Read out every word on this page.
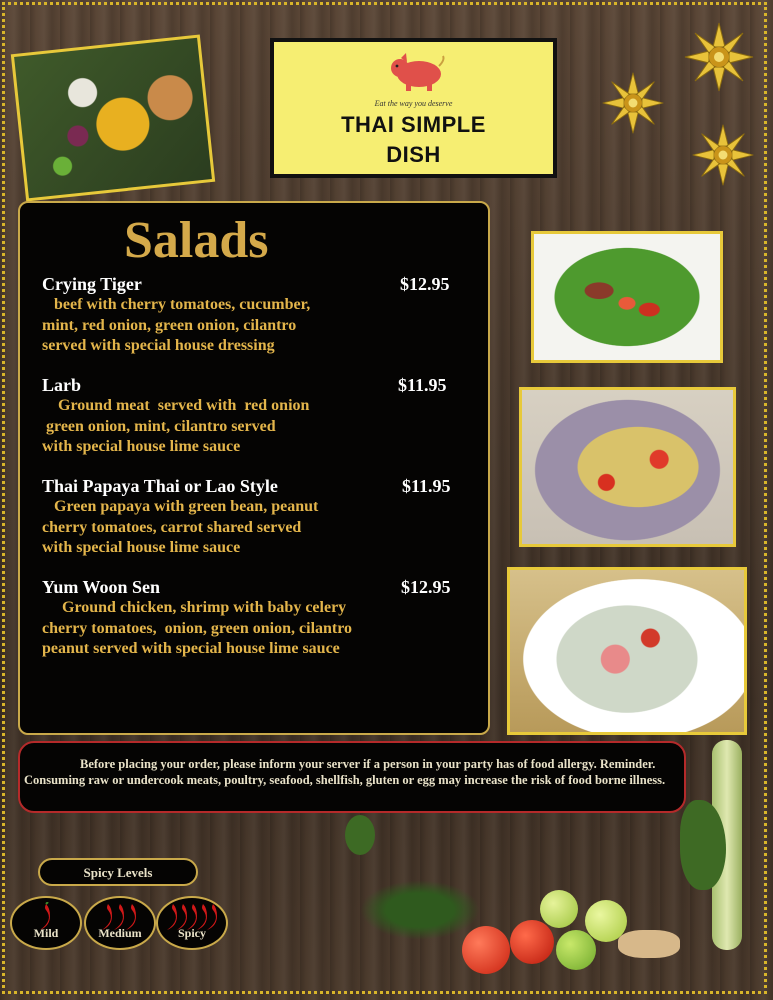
Eat the way you deserve
THAI SIMPLE
DISH
Salads
Crying Tiger	$12.95
beef with cherry tomatoes, cucumber,
mint, red onion, green onion, cilantro
served with special house dressing
Larb	$11.95
Ground meat  served with  red onion
green onion, mint, cilantro served
with special house lime sauce
Thai Papaya Thai or Lao Style	$11.95
Green papaya with green bean, peanut
cherry tomatoes, carrot shared served
with special house lime sauce
Yum Woon Sen	$12.95
Ground chicken, shrimp with baby celery
cherry tomatoes,  onion, green onion, cilantro
peanut served with special house lime sauce

Before placing your order, please inform your server if a person in your party has of food allergy. Reminder. Consuming raw or undercook meats, poultry, seafood, shellfish, gluten or egg may increase the risk of food borne illness.

Spicy Levels
Mild	Medium	Spicy
